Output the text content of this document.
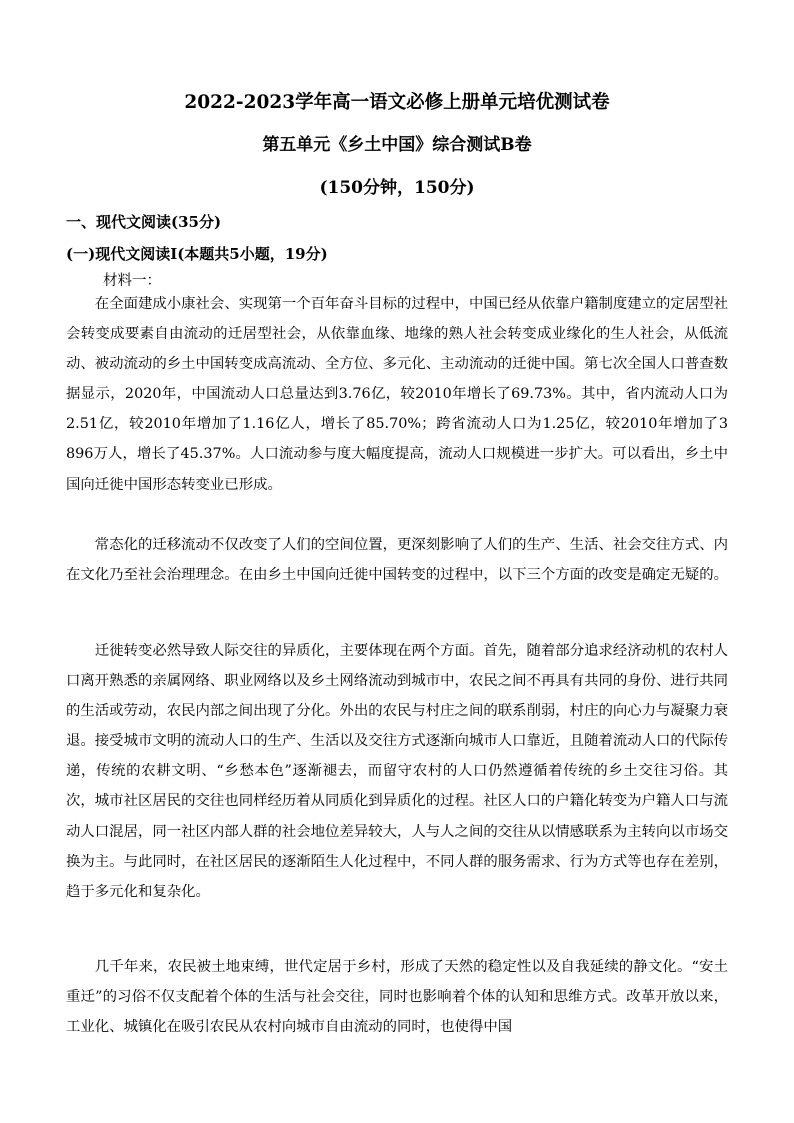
2022-2023学年高一语文必修上册单元培优测试卷
第五单元《乡土中国》综合测试B卷
(150分钟，150分)
一、现代文阅读(35分)
(一)现代文阅读Ⅰ(本题共5小题，19分)
材料一：

在全面建成小康社会、实现第一个百年奋斗目标的过程中，中国已经从依靠户籍制度建立的定居型社会转变成要素自由流动的迁居型社会，从依靠血缘、地缘的熟人社会转变成业缘化的生人社会，从低流动、被动流动的乡土中国转变成高流动、全方位、多元化、主动流动的迁徙中国。第七次全国人口普查数据显示，2020年，中国流动人口总量达到3.76亿，较2010年增长了69.73%。其中，省内流动人口为2.51亿，较2010年增加了1.16亿人，增长了85.70%；跨省流动人口为1.25亿，较2010年增加了3 896万人，增长了45.37%。人口流动参与度大幅度提高，流动人口规模进一步扩大。可以看出，乡土中国向迁徙中国形态转变业已形成。

常态化的迁移流动不仅改变了人们的空间位置，更深刻影响了人们的生产、生活、社会交往方式、内在文化乃至社会治理理念。在由乡土中国向迁徙中国转变的过程中，以下三个方面的改变是确定无疑的。

迁徙转变必然导致人际交往的异质化，主要体现在两个方面。首先，随着部分追求经济动机的农村人口离开熟悉的亲属网络、职业网络以及乡土网络流动到城市中，农民之间不再具有共同的身份、进行共同的生活或劳动，农民内部之间出现了分化。外出的农民与村庄之间的联系削弱，村庄的向心力与凝聚力衰退。接受城市文明的流动人口的生产、生活以及交往方式逐渐向城市人口靠近，且随着流动人口的代际传递，传统的农耕文明、“乡愁本色”逐渐褪去，而留守农村的人口仍然遵循着传统的乡土交往习俗。其次，城市社区居民的交往也同样经历着从同质化到异质化的过程。社区人口的户籍化转变为户籍人口与流动人口混居，同一社区内部人群的社会地位差异较大，人与人之间的交往从以情感联系为主转向以市场交换为主。与此同时，在社区居民的逐渐陌生人化过程中，不同人群的服务需求、行为方式等也存在差别，趋于多元化和复杂化。

几千年来，农民被土地束缚，世代定居于乡村，形成了天然的稳定性以及自我延续的静文化。“安土重迁”的习俗不仅支配着个体的生活与社会交往，同时也影响着个体的认知和思维方式。改革开放以来，工业化、城镇化在吸引农民从农村向城市自由流动的同时，也使得中国
